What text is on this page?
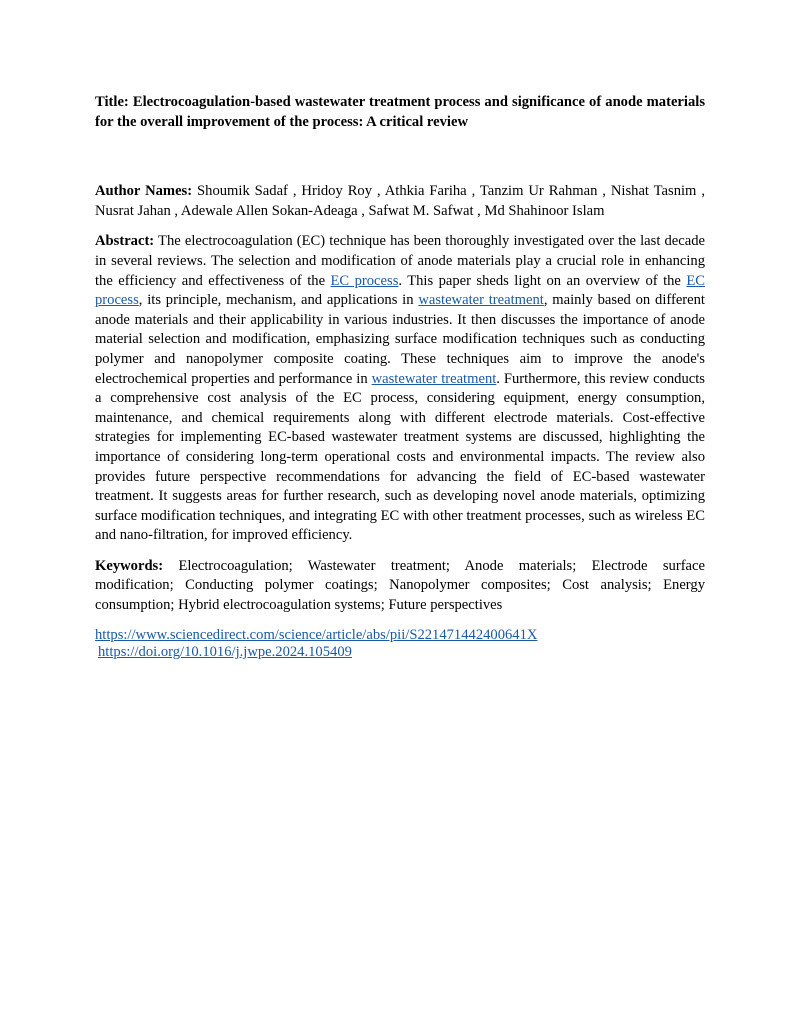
Title: Electrocoagulation-based wastewater treatment process and significance of anode materials for the overall improvement of the process: A critical review

Author Names: Shoumik Sadaf , Hridoy Roy , Athkia Fariha , Tanzim Ur Rahman , Nishat Tasnim , Nusrat Jahan , Adewale Allen Sokan-Adeaga , Safwat M. Safwat , Md Shahinoor Islam

Abstract: The electrocoagulation (EC) technique has been thoroughly investigated over the last decade in several reviews. The selection and modification of anode materials play a crucial role in enhancing the efficiency and effectiveness of the EC process. This paper sheds light on an overview of the EC process, its principle, mechanism, and applications in wastewater treatment, mainly based on different anode materials and their applicability in various industries. It then discusses the importance of anode material selection and modification, emphasizing surface modification techniques such as conducting polymer and nanopolymer composite coating. These techniques aim to improve the anode's electrochemical properties and performance in wastewater treatment. Furthermore, this review conducts a comprehensive cost analysis of the EC process, considering equipment, energy consumption, maintenance, and chemical requirements along with different electrode materials. Cost-effective strategies for implementing EC-based wastewater treatment systems are discussed, highlighting the importance of considering long-term operational costs and environmental impacts. The review also provides future perspective recommendations for advancing the field of EC-based wastewater treatment. It suggests areas for further research, such as developing novel anode materials, optimizing surface modification techniques, and integrating EC with other treatment processes, such as wireless EC and nano-filtration, for improved efficiency.

Keywords: Electrocoagulation; Wastewater treatment; Anode materials; Electrode surface modification; Conducting polymer coatings; Nanopolymer composites; Cost analysis; Energy consumption; Hybrid electrocoagulation systems; Future perspectives

https://www.sciencedirect.com/science/article/abs/pii/S221471442400641X
https://doi.org/10.1016/j.jwpe.2024.105409
